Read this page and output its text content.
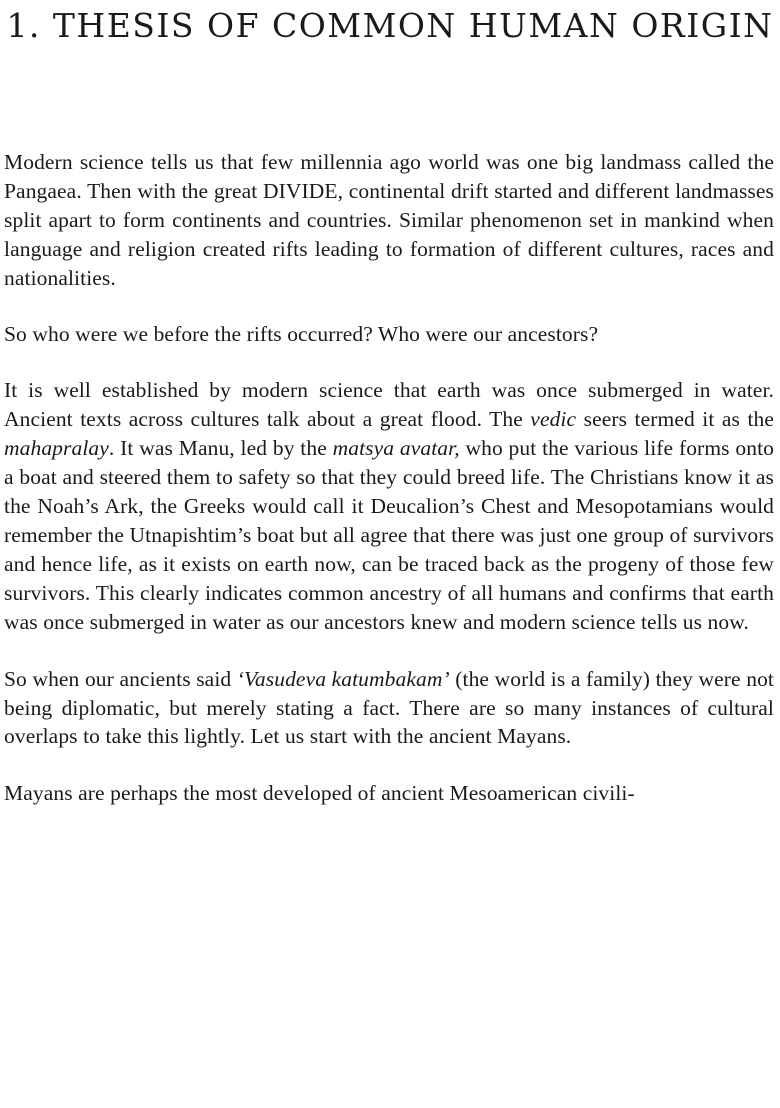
1. THESIS OF COMMON HUMAN ORIGIN

Modern science tells us that few millennia ago world was one big landmass called the Pangaea. Then with the great DIVIDE, continental drift started and different landmasses split apart to form continents and countries. Similar phenomenon set in mankind when language and religion created rifts leading to formation of different cultures, races and nationalities.

So who were we before the rifts occurred? Who were our ancestors?

It is well established by modern science that earth was once submerged in water. Ancient texts across cultures talk about a great flood. The vedic seers termed it as the mahapralay. It was Manu, led by the matsya avatar, who put the various life forms onto a boat and steered them to safety so that they could breed life. The Christians know it as the Noah’s Ark, the Greeks would call it Deucalion’s Chest and Mesopotamians would remember the Utnapishtim’s boat but all agree that there was just one group of survivors and hence life, as it exists on earth now, can be traced back as the progeny of those few survivors. This clearly indicates common ancestry of all humans and confirms that earth was once submerged in water as our ancestors knew and modern science tells us now.

So when our ancients said ‘Vasudeva katumbakam’ (the world is a family) they were not being diplomatic, but merely stating a fact. There are so many instances of cultural overlaps to take this lightly. Let us start with the ancient Mayans.

Mayans are perhaps the most developed of ancient Mesoamerican civili-
